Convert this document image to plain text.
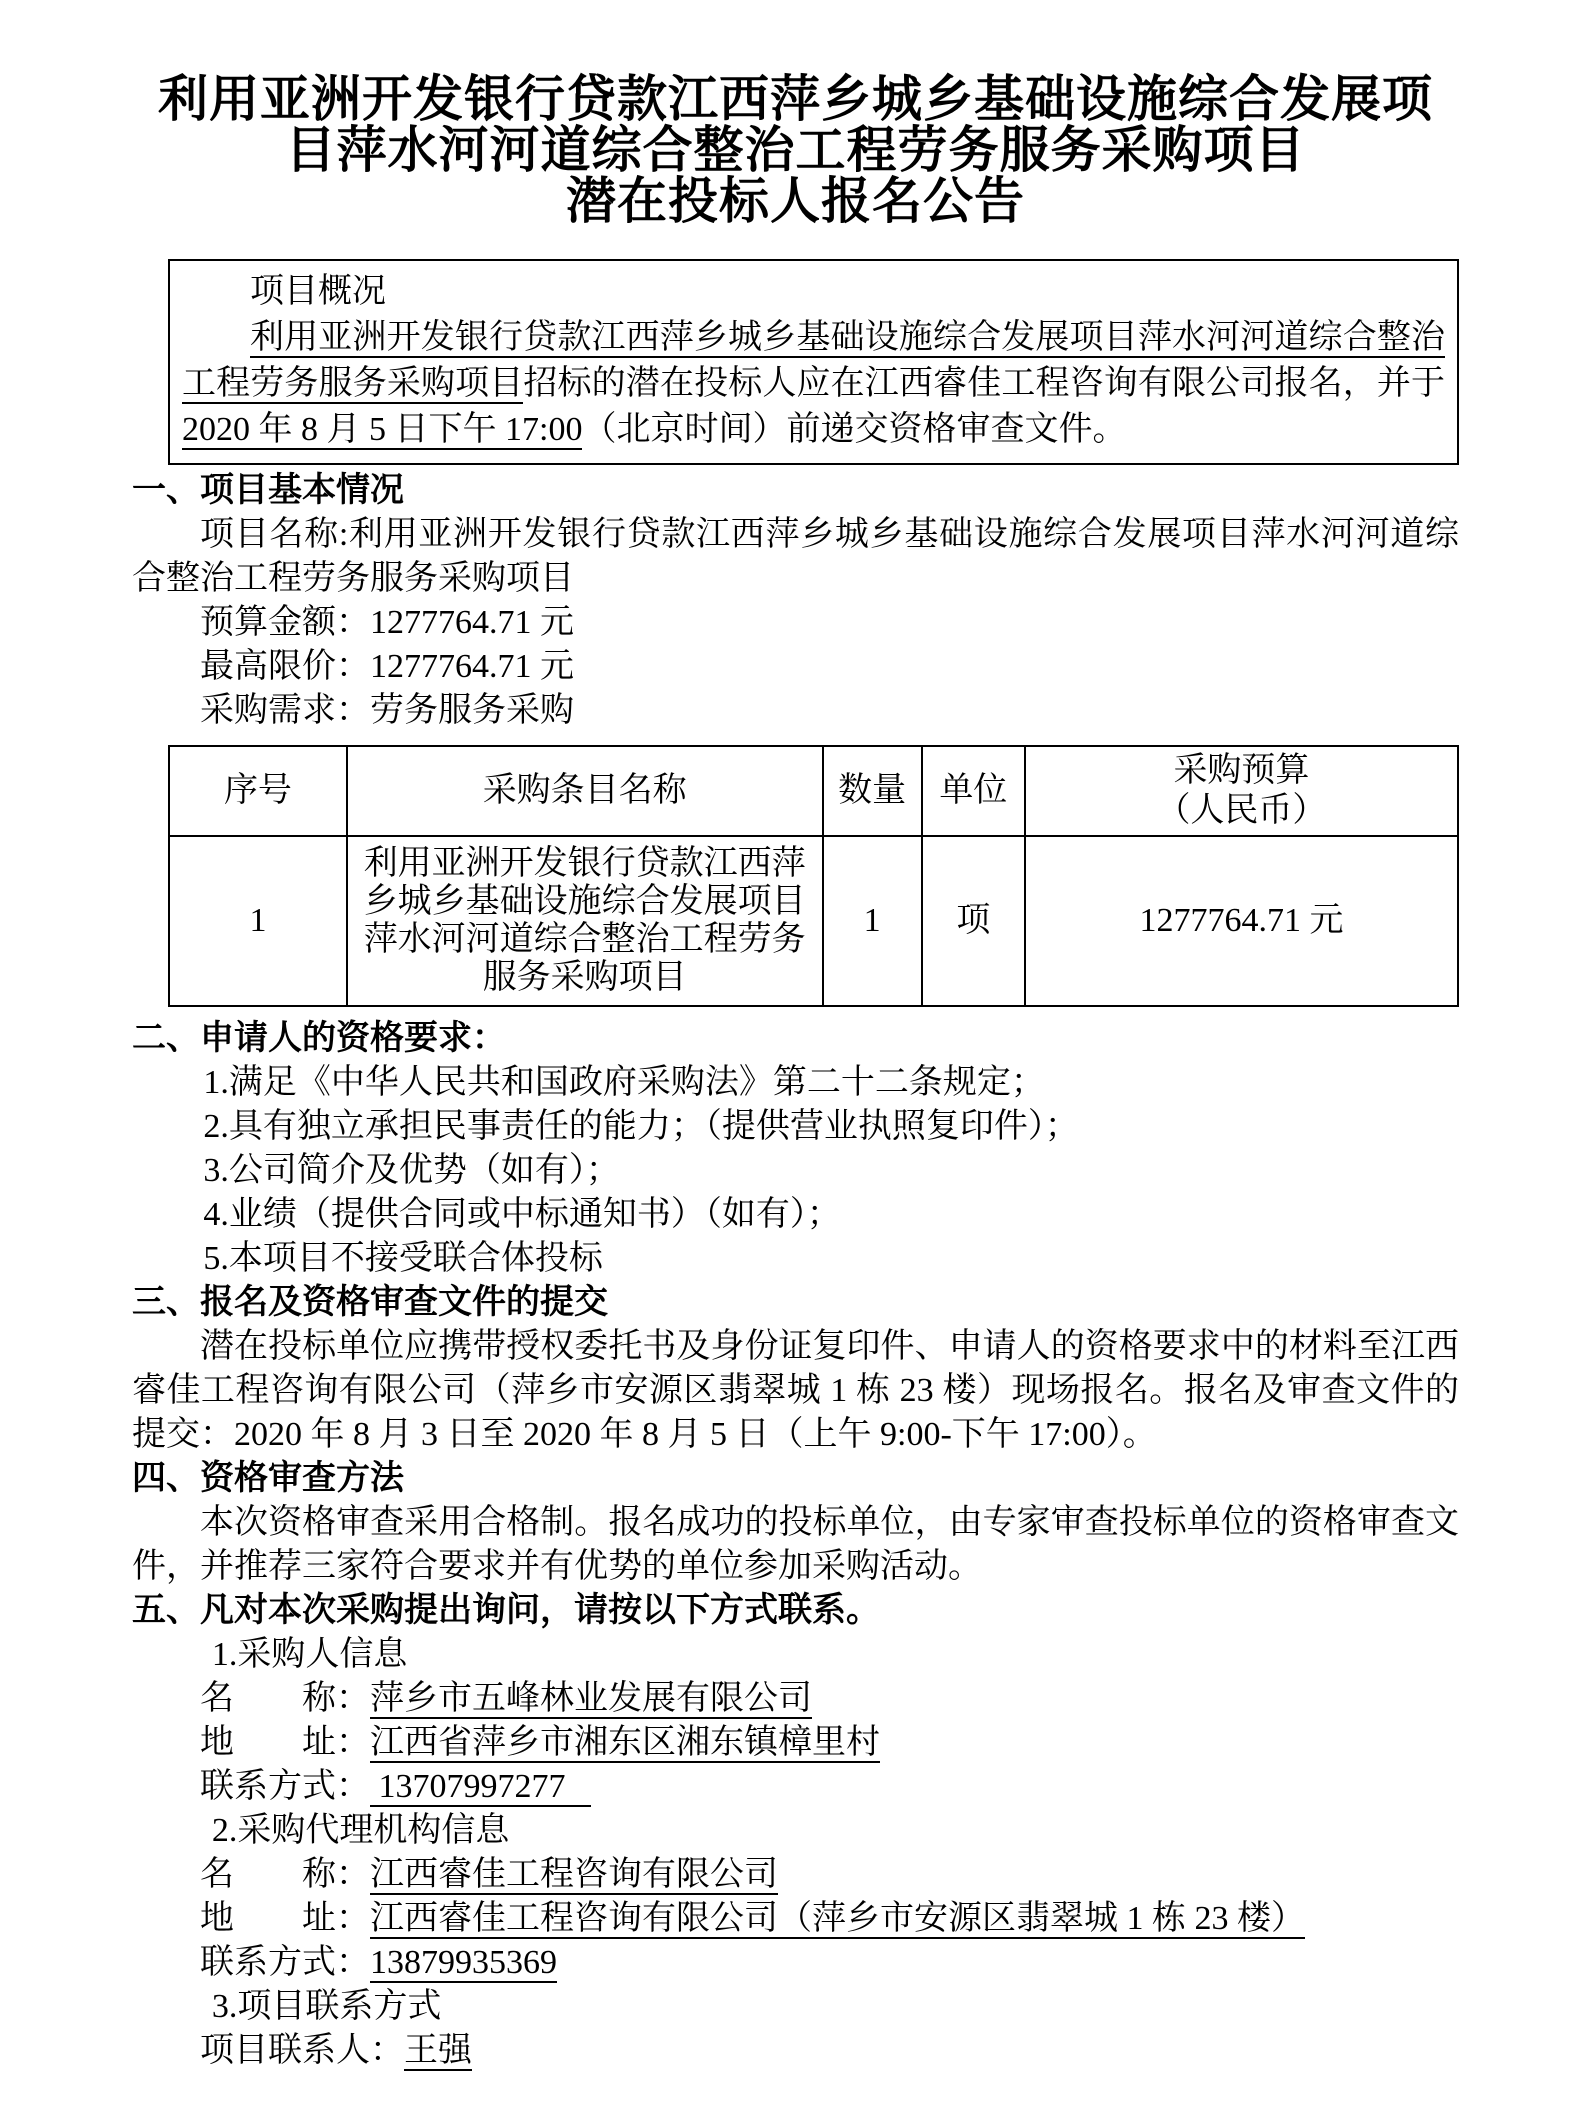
利用亚洲开发银行贷款江西萍乡城乡基础设施综合发展项
目萍水河河道综合整治工程劳务服务采购项目
潜在投标人报名公告
项目概况

利用亚洲开发银行贷款江西萍乡城乡基础设施综合发展项目萍水河河道综合整治工程劳务服务采购项目招标的潜在投标人应在江西睿佳工程咨询有限公司报名，并于2020 年 8 月 5 日下午 17:00（北京时间）前递交资格审查文件。

一、项目基本情况

项目名称:利用亚洲开发银行贷款江西萍乡城乡基础设施综合发展项目萍水河河道综合整治工程劳务服务采购项目

预算金额：1277764.71 元
最高限价：1277764.71 元
采购需求：劳务服务采购
序号	采购条目名称	数量	单位	采购预算
（人民币）

1	利用亚洲开发银行贷款江西萍乡城乡基础设施综合发展项目萍水河河道综合整治工程劳务服务采购项目	1	项	1277764.71 元
二、申请人的资格要求：
1.满足《中华人民共和国政府采购法》第二十二条规定；
2.具有独立承担民事责任的能力；（提供营业执照复印件）；
3.公司简介及优势（如有）；
4.业绩（提供合同或中标通知书）（如有）；
5.本项目不接受联合体投标
三、报名及资格审查文件的提交

潜在投标单位应携带授权委托书及身份证复印件、申请人的资格要求中的材料至江西睿佳工程咨询有限公司（萍乡市安源区翡翠城 1 栋 23 楼）现场报名。报名及审查文件的提交：2020 年 8 月 3 日至 2020 年 8 月 5 日（上午 9:00-下午 17:00）。

四、资格审查方法

本次资格审查采用合格制。报名成功的投标单位，由专家审查投标单位的资格审查文件，并推荐三家符合要求并有优势的单位参加采购活动。

五、凡对本次采购提出询问，请按以下方式联系。
1.采购人信息
名　　称：萍乡市五峰林业发展有限公司
地　　址：江西省萍乡市湘东区湘东镇樟里村
联系方式： 13707997277
2.采购代理机构信息
名　　称：江西睿佳工程咨询有限公司
地　　址：江西睿佳工程咨询有限公司（萍乡市安源区翡翠城 1 栋 23 楼）
联系方式：13879935369
3.项目联系方式
项目联系人：王强
